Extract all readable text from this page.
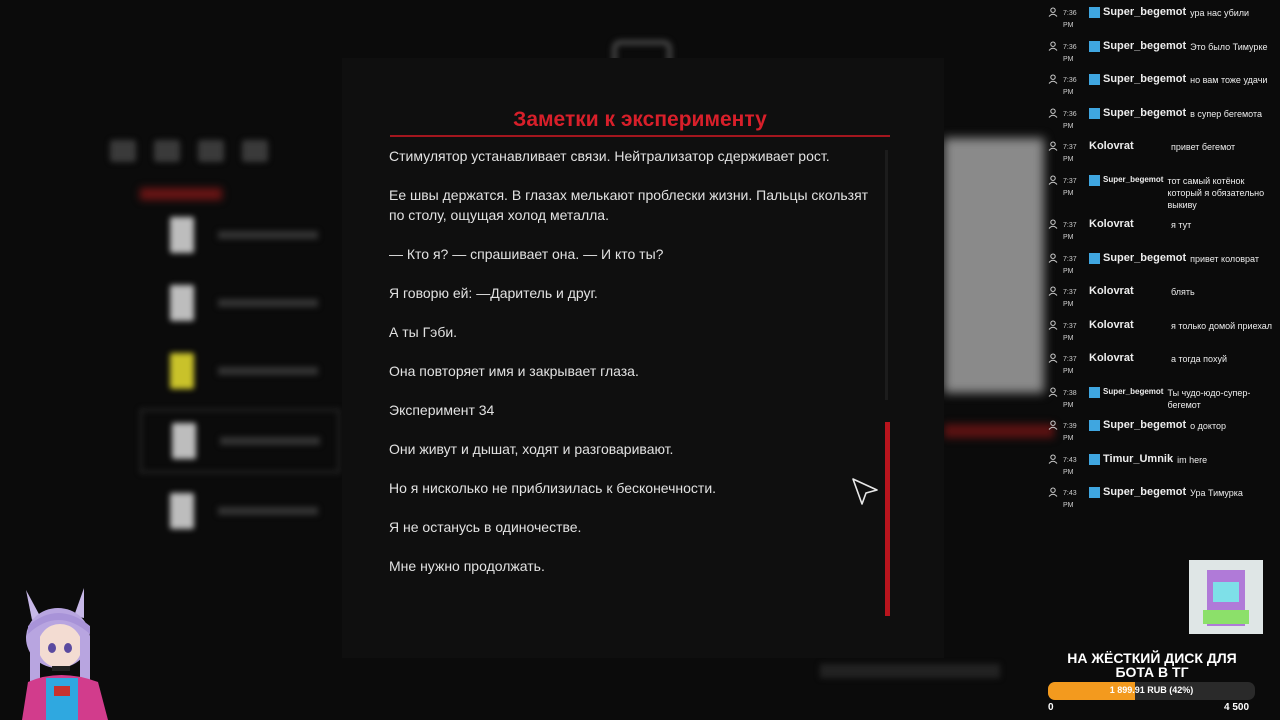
Заметки к эксперименту

Стимулятор устанавливает связи. Нейтрализатор сдерживает рост.

Ее швы держатся. В глазах мелькают проблески жизни. Пальцы скользят по столу, ощущая холод металла.

— Кто я? — спрашивает она. — И кто ты?

Я говорю ей: —Даритель и друг.

А ты Гэби.

Она повторяет имя и закрывает глаза.

Эксперимент 34

Они живут и дышат, ходят и разговаривают.

Но я нисколько не приблизилась к бесконечности.

Я не останусь в одиночестве.

Мне нужно продолжать.

7:36 PM
Super_begemot ура нас убили
7:36 PM
Super_begemot Это было Тимурке
7:36 PM
Super_begemot но вам тоже удачи
7:36 PM
Super_begemot в супер бегемота
7:37 PM
Kolovrat	привет бегемот
7:37 PM
Super_begemot тот самый котёнок который я обязательно выкиву
7:37 PM
Kolovrat	я тут
7:37 PM
Super_begemot привет коловрат
7:37 PM
Kolovrat	блять
7:37 PM
Kolovrat	я только домой приехал
7:37 PM
Kolovrat	а тогда похуй
7:38 PM
Super_begemot Ты чудо-юдо-супер-бегемот
7:39 PM
Super_begemot о доктор
7:43 PM
Timur_Umnik im here
7:43 PM
Super_begemot Ура Тимурка
НА ЖЁСТКИЙ ДИСК ДЛЯ БОТА В ТГ
1 899.91 RUB (42%)
0	4 500
